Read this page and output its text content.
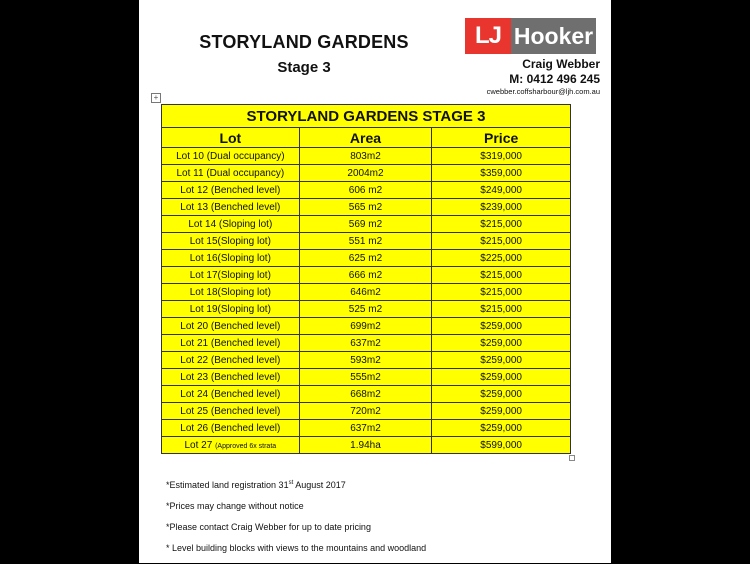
STORYLAND GARDENS
Stage 3
LJ Hooker
Craig Webber
M: 0412 496 245
cwebber.coffsharbour@ljh.com.au
+
STORYLAND GARDENS STAGE 3		
Lot	Area	Price
Lot 10 (Dual occupancy)	803m2	$319,000
Lot 11 (Dual occupancy)	2004m2	$359,000
Lot 12 (Benched level)	606 m2	$249,000
Lot 13 (Benched level)	565 m2	$239,000
Lot 14 (Sloping lot)	569 m2	$215,000
Lot 15(Sloping lot)	551 m2	$215,000
Lot 16(Sloping lot)	625 m2	$225,000
Lot 17(Sloping lot)	666 m2	$215,000
Lot 18(Sloping lot)	646m2	$215,000
Lot 19(Sloping lot)	525 m2	$215,000
Lot 20 (Benched level)	699m2	$259,000
Lot 21 (Benched level)	637m2	$259,000
Lot 22 (Benched level)	593m2	$259,000
Lot 23 (Benched level)	555m2	$259,000
Lot 24 (Benched level)	668m2	$259,000
Lot 25 (Benched level)	720m2	$259,000
Lot 26 (Benched level)	637m2	$259,000
Lot 27 (Approved 6x strata	1.94ha	$599,000
*Estimated land registration 31st August 2017
*Prices may change without notice
*Please contact Craig Webber for up to date pricing
* Level building blocks with views to the mountains and woodland
